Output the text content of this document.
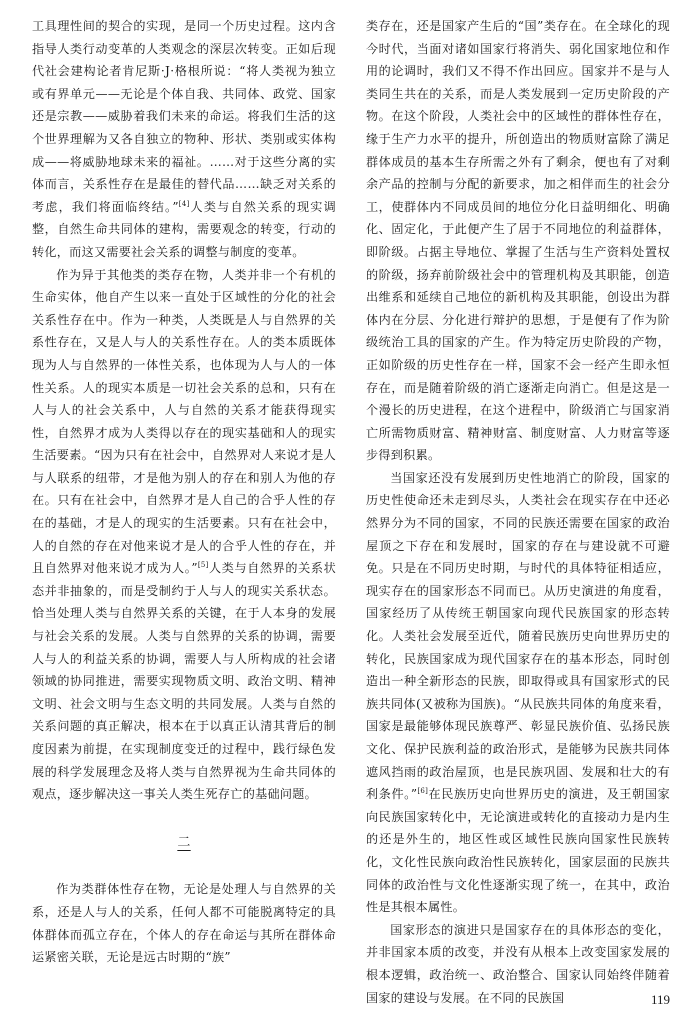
工具理性间的契合的实现，是同一个历史过程。这内含指导人类行动变革的人类观念的深层次转变。正如后现代社会建构论者肯尼斯·J·格根所说：“将人类视为独立或有界单元——无论是个体自我、共同体、政党、国家还是宗教——威胁着我们未来的命运。将我们生活的这个世界理解为又各自独立的物种、形状、类别或实体构成——将威胁地球未来的福祉。……对于这些分离的实体而言，关系性存在是最佳的替代品……缺乏对关系的考虑，我们将面临终结。”[4]人类与自然关系的现实调整，自然生命共同体的建构，需要观念的转变，行动的转化，而这又需要社会关系的调整与制度的变革。

作为异于其他类的类存在物，人类并非一个有机的生命实体，他自产生以来一直处于区域性的分化的社会关系性存在中。作为一种类，人类既是人与自然界的关系性存在，又是人与人的关系性存在。人的类本质既体现为人与自然界的一体性关系，也体现为人与人的一体性关系。人的现实本质是一切社会关系的总和，只有在人与人的社会关系中，人与自然的关系才能获得现实性，自然界才成为人类得以存在的现实基础和人的现实生活要素。“因为只有在社会中，自然界对人来说才是人与人联系的纽带，才是他为别人的存在和别人为他的存在。只有在社会中，自然界才是人自己的合乎人性的存在的基础，才是人的现实的生活要素。只有在社会中，人的自然的存在对他来说才是人的合乎人性的存在，并且自然界对他来说才成为人。”[5]人类与自然界的关系状态并非抽象的，而是受制约于人与人的现实关系状态。恰当处理人类与自然界关系的关键，在于人本身的发展与社会关系的发展。人类与自然界的关系的协调，需要人与人的利益关系的协调，需要人与人所构成的社会诸领域的协同推进，需要实现物质文明、政治文明、精神文明、社会文明与生态文明的共同发展。人类与自然的关系问题的真正解决，根本在于以真正认清其背后的制度因素为前提，在实现制度变迁的过程中，践行绿色发展的科学发展理念及将人类与自然界视为生命共同体的观点，逐步解决这一事关人类生死存亡的基础问题。

二

作为类群体性存在物，无论是处理人与自然界的关系，还是人与人的关系，任何人都不可能脱离特定的具体群体而孤立存在，个体人的存在命运与其所在群体命运紧密关联，无论是远古时期的“族”

类存在，还是国家产生后的“国”类存在。在全球化的现今时代，当面对诸如国家行将消失、弱化国家地位和作用的论调时，我们又不得不作出回应。国家并不是与人类同生共在的关系，而是人类发展到一定历史阶段的产物。在这个阶段，人类社会中的区域性的群体性存在，缘于生产力水平的提升，所创造出的物质财富除了满足群体成员的基本生存所需之外有了剩余，便也有了对剩余产品的控制与分配的新要求，加之相伴而生的社会分工，使群体内不同成员间的地位分化日益明细化、明确化、固定化，于此便产生了居于不同地位的利益群体，即阶级。占据主导地位、掌握了生活与生产资料处置权的阶级，扬弃前阶级社会中的管理机构及其职能，创造出维系和延续自己地位的新机构及其职能，创设出为群体内在分层、分化进行辩护的思想，于是便有了作为阶级统治工具的国家的产生。作为特定历史阶段的产物，正如阶级的历史性存在一样，国家不会一经产生即永恒存在，而是随着阶级的消亡逐渐走向消亡。但是这是一个漫长的历史进程，在这个进程中，阶级消亡与国家消亡所需物质财富、精神财富、制度财富、人力财富等逐步得到积累。

当国家还没有发展到历史性地消亡的阶段，国家的历史性使命还未走到尽头，人类社会在现实存在中还必然界分为不同的国家，不同的民族还需要在国家的政治屋顶之下存在和发展时，国家的存在与建设就不可避免。只是在不同历史时期，与时代的具体特征相适应，现实存在的国家形态不同而已。从历史演进的角度看，国家经历了从传统王朝国家向现代民族国家的形态转化。人类社会发展至近代，随着民族历史向世界历史的转化，民族国家成为现代国家存在的基本形态，同时创造出一种全新形态的民族，即取得或具有国家形式的民族共同体(又被称为国族)。“从民族共同体的角度来看，国家是最能够体现民族尊严、彰显民族价值、弘扬民族文化、保护民族利益的政治形式，是能够为民族共同体遮风挡雨的政治屋顶，也是民族巩固、发展和壮大的有利条件。”[6]在民族历史向世界历史的演进，及王朝国家向民族国家转化中，无论演进或转化的直接动力是内生的还是外生的，地区性或区域性民族向国家性民族转化，文化性民族向政治性民族转化，国家层面的民族共同体的政治性与文化性逐渐实现了统一，在其中，政治性是其根本属性。

国家形态的演进只是国家存在的具体形态的变化，并非国家本质的改变，并没有从根本上改变国家发展的根本逻辑，政治统一、政治整合、国家认同始终伴随着国家的建设与发展。在不同的民族国	119
